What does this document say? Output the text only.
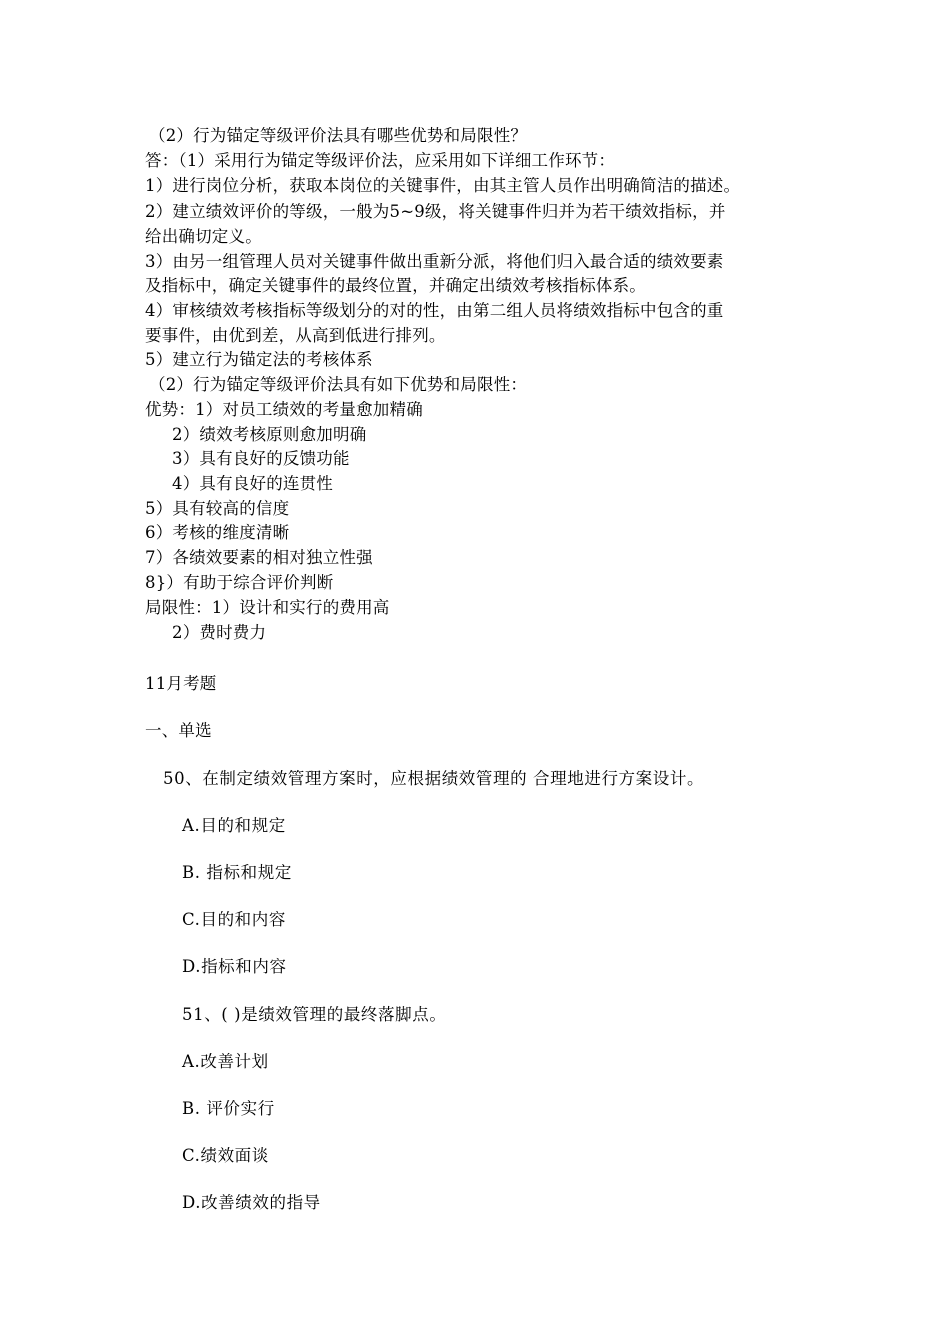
（2）行为锚定等级评价法具有哪些优势和局限性？
答：（1）采用行为锚定等级评价法，应采用如下详细工作环节：
1）进行岗位分析，获取本岗位的关键事件，由其主管人员作出明确简洁的描述。
2）建立绩效评价的等级，一般为5~9级，将关键事件归并为若干绩效指标，并
给出确切定义。
3）由另一组管理人员对关键事件做出重新分派，将他们归入最合适的绩效要素
及指标中，确定关键事件的最终位置，并确定出绩效考核指标体系。
4）审核绩效考核指标等级划分的对的性，由第二组人员将绩效指标中包含的重
要事件，由优到差，从高到低进行排列。
5）建立行为锚定法的考核体系
（2）行为锚定等级评价法具有如下优势和局限性：
优势：1）对员工绩效的考量愈加精确
2）绩效考核原则愈加明确
3）具有良好的反馈功能
4）具有良好的连贯性
5）具有较高的信度
6）考核的维度清晰
7）各绩效要素的相对独立性强
8}）有助于综合评价判断
局限性：1）设计和实行的费用高
2）费时费力
11月考题
一、单选
50、在制定绩效管理方案时，应根据绩效管理的 合理地进行方案设计。
A.目的和规定
B. 指标和规定
C.目的和内容
D.指标和内容
51、( )是绩效管理的最终落脚点。
A.改善计划
B. 评价实行
C.绩效面谈
D.改善绩效的指导
